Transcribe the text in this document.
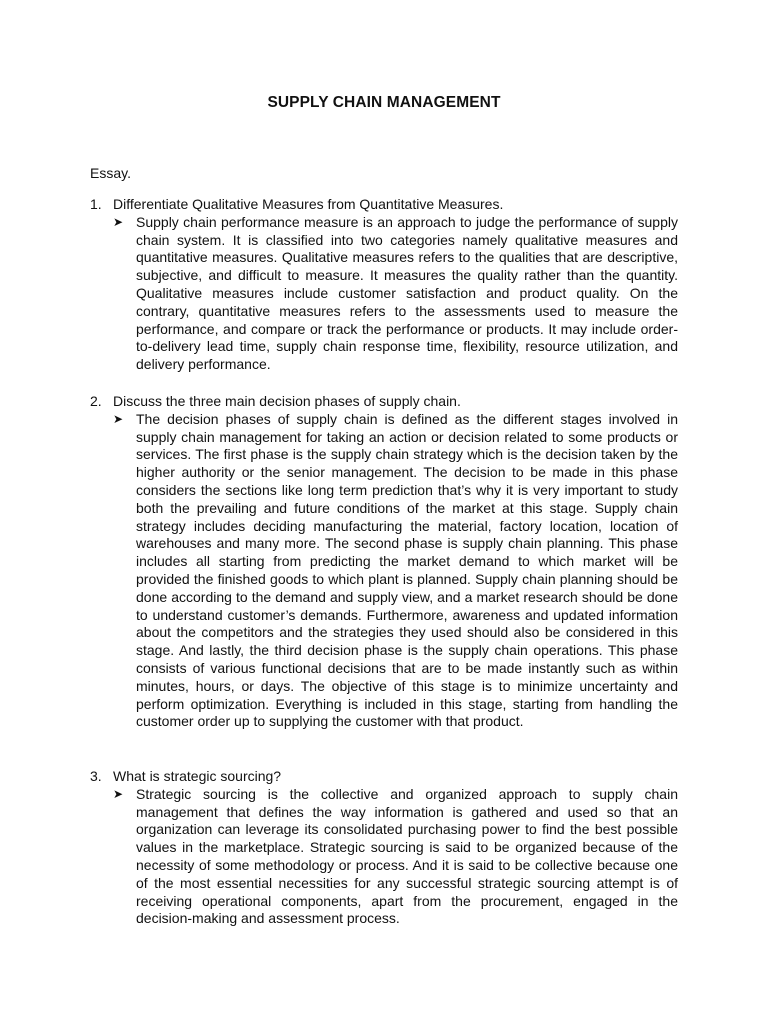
SUPPLY CHAIN MANAGEMENT

Essay.

1. Differentiate Qualitative Measures from Quantitative Measures.
➤ Supply chain performance measure is an approach to judge the performance of supply chain system. It is classified into two categories namely qualitative measures and quantitative measures. Qualitative measures refers to the qualities that are descriptive, subjective, and difficult to measure. It measures the quality rather than the quantity. Qualitative measures include customer satisfaction and product quality. On the contrary, quantitative measures refers to the assessments used to measure the performance, and compare or track the performance or products. It may include order-to-delivery lead time, supply chain response time, flexibility, resource utilization, and delivery performance.

2. Discuss the three main decision phases of supply chain.
➤ The decision phases of supply chain is defined as the different stages involved in supply chain management for taking an action or decision related to some products or services. The first phase is the supply chain strategy which is the decision taken by the higher authority or the senior management. The decision to be made in this phase considers the sections like long term prediction that’s why it is very important to study both the prevailing and future conditions of the market at this stage. Supply chain strategy includes deciding manufacturing the material, factory location, location of warehouses and many more. The second phase is supply chain planning. This phase includes all starting from predicting the market demand to which market will be provided the finished goods to which plant is planned. Supply chain planning should be done according to the demand and supply view, and a market research should be done to understand customer’s demands. Furthermore, awareness and updated information about the competitors and the strategies they used should also be considered in this stage. And lastly, the third decision phase is the supply chain operations. This phase consists of various functional decisions that are to be made instantly such as within minutes, hours, or days. The objective of this stage is to minimize uncertainty and perform optimization. Everything is included in this stage, starting from handling the customer order up to supplying the customer with that product.

3. What is strategic sourcing?
➤ Strategic sourcing is the collective and organized approach to supply chain management that defines the way information is gathered and used so that an organization can leverage its consolidated purchasing power to find the best possible values in the marketplace. Strategic sourcing is said to be organized because of the necessity of some methodology or process. And it is said to be collective because one of the most essential necessities for any successful strategic sourcing attempt is of receiving operational components, apart from the procurement, engaged in the decision-making and assessment process.
